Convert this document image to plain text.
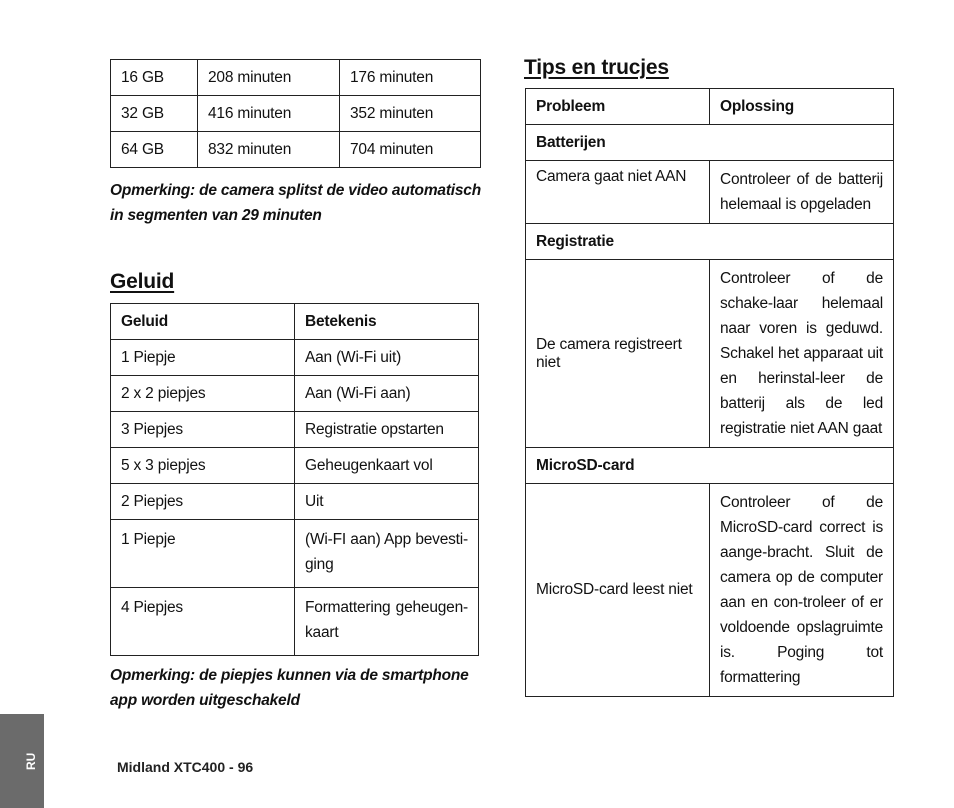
16 GB	208 minuten	176 minuten
32 GB	416 minuten	352 minuten
64 GB	832 minuten	704 minuten

Opmerking: de camera splitst de video automatisch in segmenten van 29 minuten

Geluid
Geluid	Betekenis
1 Piepje	Aan (Wi-Fi uit)
2 x 2 piepjes	Aan (Wi-Fi aan)
3 Piepjes	Registratie opstarten
5 x 3 piepjes	Geheugenkaart vol
2 Piepjes	Uit
1 Piepje	(Wi-FI aan) App bevesti-ging
4 Piepjes	Formattering geheugen-kaart

Opmerking: de piepjes kunnen via de smartphone app worden uitgeschakeld

Tips en trucjes
Probleem	Oplossing
Batterijen	
Camera gaat niet AAN	Controleer of de batterij helemaal is opgeladen
Registratie	
De camera registreert niet	Controleer of de schake-laar helemaal naar voren is geduwd. Schakel het apparaat uit en herinstal-leer de batterij als de led registratie niet AAN gaat
MicroSD-card	
MicroSD-card leest niet	Controleer of de MicroSD-card correct is aange-bracht. Sluit de camera op de computer aan en con-troleer of er voldoende opslagruimte is. Poging tot formattering
RU	Midland XTC400 - 96
